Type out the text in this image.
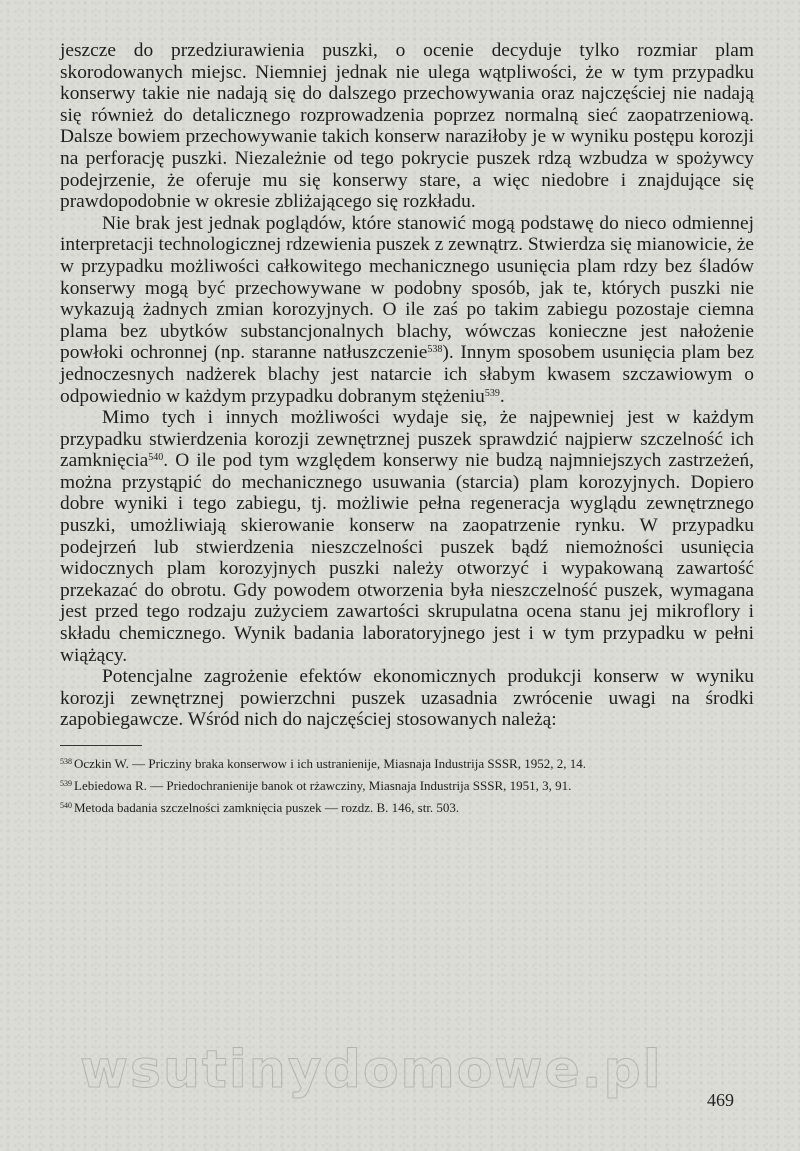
jeszcze do przedziurawienia puszki, o ocenie decyduje tylko rozmiar plam skorodowanych miejsc. Niemniej jednak nie ulega wątpliwości, że w tym przypadku konserwy takie nie nadają się do dalszego przechowywania oraz najczęściej nie nadają się również do detalicznego rozprowadzenia poprzez normalną sieć zaopatrzeniową. Dalsze bowiem przechowywanie takich konserw naraziłoby je w wyniku postępu korozji na perforację puszki. Niezależnie od tego pokrycie puszek rdzą wzbudza w spożywcy podejrzenie, że oferuje mu się konserwy stare, a więc niedobre i znajdujące się prawdopodobnie w okresie zbliżającego się rozkładu.

Nie brak jest jednak poglądów, które stanowić mogą podstawę do nieco odmiennej interpretacji technologicznej rdzewienia puszek z zewnątrz. Stwierdza się mianowicie, że w przypadku możliwości całkowitego mechanicznego usunięcia plam rdzy bez śladów konserwy mogą być przechowywane w podobny sposób, jak te, których puszki nie wykazują żadnych zmian korozyjnych. O ile zaś po takim zabiegu pozostaje ciemna plama bez ubytków substancjonalnych blachy, wówczas konieczne jest nałożenie powłoki ochronnej (np. staranne natłuszczenie$^{538}$). Innym sposobem usunięcia plam bez jednoczesnych nadżerek blachy jest natarcie ich słabym kwasem szczawiowym o odpowiednio w każdym przypadku dobranym stężeniu$^{539}$.

Mimo tych i innych możliwości wydaje się, że najpewniej jest w każdym przypadku stwierdzenia korozji zewnętrznej puszek sprawdzić najpierw szczelność ich zamknięcia$^{540}$. O ile pod tym względem konserwy nie budzą najmniejszych zastrzeżeń, można przystąpić do mechanicznego usuwania (starcia) plam korozyjnych. Dopiero dobre wyniki i tego zabiegu, tj. możliwie pełna regeneracja wyglądu zewnętrznego puszki, umożliwiają skierowanie konserw na zaopatrzenie rynku. W przypadku podejrzeń lub stwierdzenia nieszczelności puszek bądź niemożności usunięcia widocznych plam korozyjnych puszki należy otworzyć i wypakowaną zawartość przekazać do obrotu. Gdy powodem otworzenia była nieszczelność puszek, wymagana jest przed tego rodzaju zużyciem zawartości skrupulatna ocena stanu jej mikroflory i składu chemicznego. Wynik badania laboratoryjnego jest i w tym przypadku w pełni wiążący.

Potencjalne zagrożenie efektów ekonomicznych produkcji konserw w wyniku korozji zewnętrznej powierzchni puszek uzasadnia zwrócenie uwagi na środki zapobiegawcze. Wśród nich do najczęściej stosowanych należą:

$^{538}$ Oczkin W. — Pricziny braka konserwow i ich ustranienije, Miasnaja Industrija SSSR, 1952, 2, 14.

$^{539}$ Lebiedowa R. — Priedochranienije banok ot rżawcziny, Miasnaja Industrija SSSR, 1951, 3, 91.

$^{540}$ Metoda badania szczelności zamknięcia puszek — rozdz. B. 146, str. 503.

469
wsutinydomowe.pl
